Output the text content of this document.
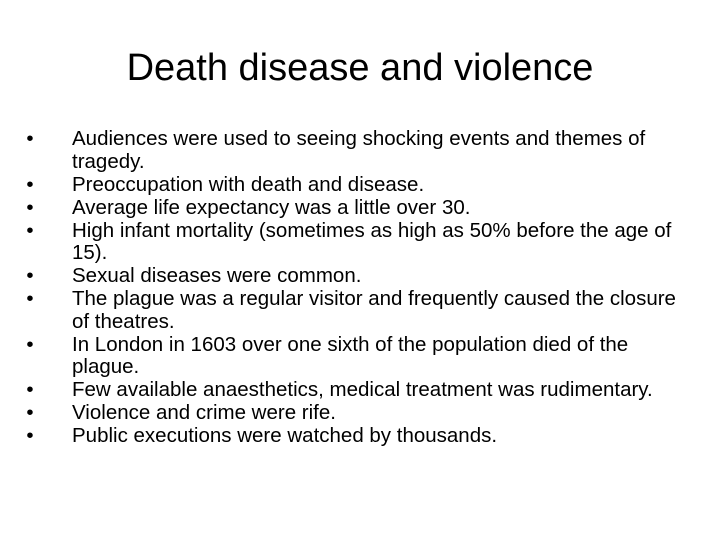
Death disease and violence
• Audiences were used to seeing shocking events and themes of tragedy.
• Preoccupation with death and disease.
• Average life expectancy was a little over 30.
• High infant mortality (sometimes as high as 50% before the age of 15).
• Sexual diseases were common.
• The plague was a regular visitor and frequently caused the closure of theatres.
• In London in 1603 over one sixth of the population died of the plague.
• Few available anaesthetics, medical treatment was rudimentary.
• Violence and crime were rife.
• Public executions were watched by thousands.
